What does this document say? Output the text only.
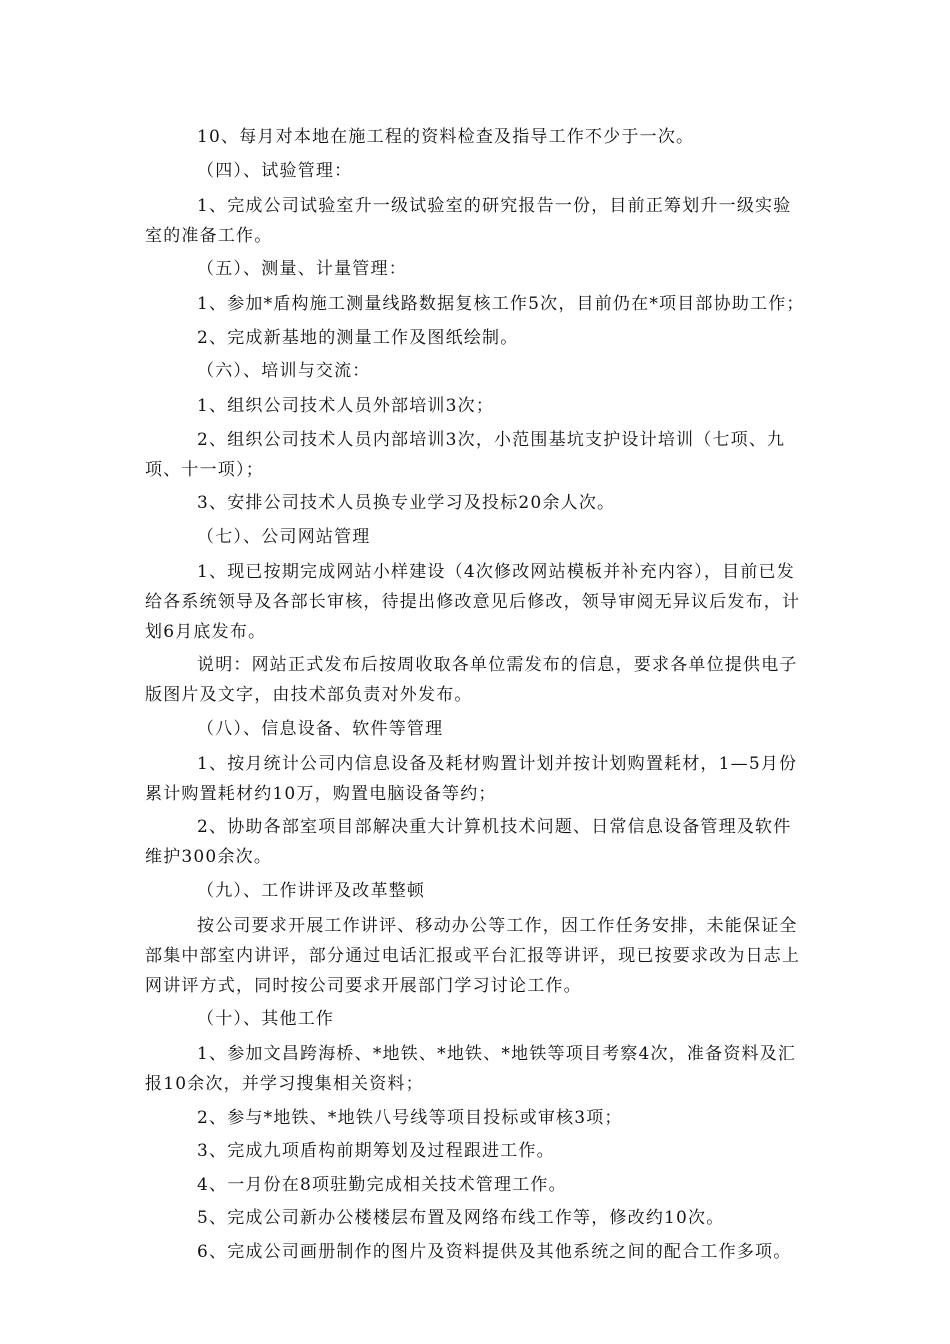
10、每月对本地在施工程的资料检查及指导工作不少于一次。

（四）、试验管理：

1、完成公司试验室升一级试验室的研究报告一份，目前正筹划升一级实验室的准备工作。

（五）、测量、计量管理：

1、参加*盾构施工测量线路数据复核工作5次，目前仍在*项目部协助工作；

2、完成新基地的测量工作及图纸绘制。

（六）、培训与交流：

1、组织公司技术人员外部培训3次；

2、组织公司技术人员内部培训3次，小范围基坑支护设计培训（七项、九项、十一项）；

3、安排公司技术人员换专业学习及投标20余人次。

（七）、公司网站管理

1、现已按期完成网站小样建设（4次修改网站模板并补充内容），目前已发给各系统领导及各部长审核，待提出修改意见后修改，领导审阅无异议后发布，计划6月底发布。

说明：网站正式发布后按周收取各单位需发布的信息，要求各单位提供电子版图片及文字，由技术部负责对外发布。

（八）、信息设备、软件等管理

1、按月统计公司内信息设备及耗材购置计划并按计划购置耗材，1—5月份累计购置耗材约10万，购置电脑设备等约；

2、协助各部室项目部解决重大计算机技术问题、日常信息设备管理及软件维护300余次。

（九）、工作讲评及改革整顿

按公司要求开展工作讲评、移动办公等工作，因工作任务安排，未能保证全部集中部室内讲评，部分通过电话汇报或平台汇报等讲评，现已按要求改为日志上网讲评方式，同时按公司要求开展部门学习讨论工作。

（十）、其他工作

1、参加文昌跨海桥、*地铁、*地铁、*地铁等项目考察4次，准备资料及汇报10余次，并学习搜集相关资料；

2、参与*地铁、*地铁八号线等项目投标或审核3项；

3、完成九项盾构前期筹划及过程跟进工作。

4、一月份在8项驻勤完成相关技术管理工作。

5、完成公司新办公楼楼层布置及网络布线工作等，修改约10次。

6、完成公司画册制作的图片及资料提供及其他系统之间的配合工作多项。
